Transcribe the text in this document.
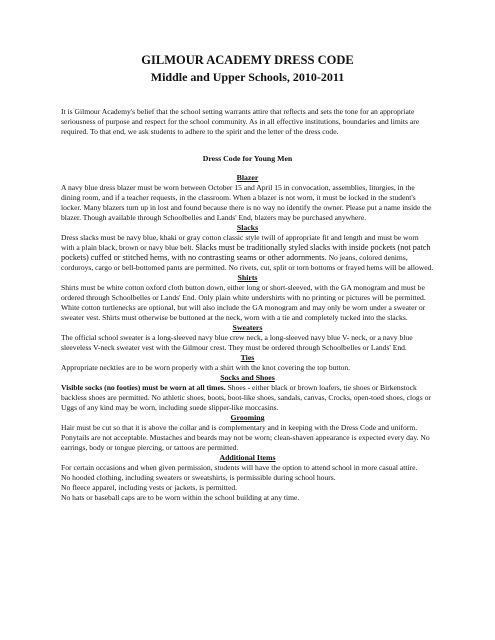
GILMOUR ACADEMY DRESS CODE
Middle and Upper Schools, 2010-2011

It is Gilmour Academy's belief that the school setting warrants attire that reflects and sets the tone for an appropriate seriousness of purpose and respect for the school community. As in all effective institutions, boundaries and limits are required. To that end, we ask students to adhere to the spirit and the letter of the dress code.

Dress Code for Young Men
Blazer

A navy blue dress blazer must be worn between October 15 and April 15 in convocation, assemblies, liturgies, in the dining room, and if a teacher requests, in the classroom. When a blazer is not worn, it must be locked in the student's locker. Many blazers turn up in lost and found because there is no way no identify the owner. Please put a name inside the blazer. Though available through Schoolbelles and Lands' End, blazers may be purchased anywhere.

Slacks

Dress slacks must be navy blue, khaki or gray cotton classic style twill of appropriate fit and length and must be worn with a plain black, brown or navy blue belt. Slacks must be traditionally styled slacks with inside pockets (not patch pockets) cuffed or stitched hems, with no contrasting seams or other adornments. No jeans, colored denims, corduroys, cargo or bell-bottomed pants are permitted. No rivets, cut, split or torn bottoms or frayed hems will be allowed.

Shirts

Shirts must be white cotton oxford cloth button down, either long or short-sleeved, with the GA monogram and must be ordered through Schoolbelles or Lands' End. Only plain white undershirts with no printing or pictures will be permitted. White cotton turtlenecks are optional, but will also include the GA monogram and may only be worn under a sweater or sweater vest. Shirts must otherwise be buttoned at the neck, worn with a tie and completely tucked into the slacks.

Sweaters

The official school sweater is a long-sleeved navy blue crew neck, a long-sleeved navy blue V- neck, or a navy blue sleeveless V-neck sweater vest with the Gilmour crest. They must be ordered through Schoolbelles or Lands' End.

Ties

Appropriate neckties are to be worn properly with a shirt with the knot covering the top button.

Socks and Shoes

Visible socks (no footies) must be worn at all times. Shoes - either black or brown loafers, tie shoes or Birkenstock backless shoes are permitted. No athletic shoes, boots, boot-like shoes, sandals, canvas, Crocks, open-toed shoes, clogs or Uggs of any kind may be worn, including suede slipper-like moccasins.

Grooming

Hair must be cut so that it is above the collar and is complementary and in keeping with the Dress Code and uniform. Ponytails are not acceptable. Mustaches and beards may not be worn; clean-shaven appearance is expected every day. No earrings, body or tongue piercing, or tattoos are permitted.

Additional Items

For certain occasions and when given permission, students will have the option to attend school in more casual attire.

No hooded clothing, including sweaters or sweatshirts, is permissible during school hours.

No fleece apparel, including vests or jackets, is permitted.

No hats or baseball caps are to be worn within the school building at any time.
